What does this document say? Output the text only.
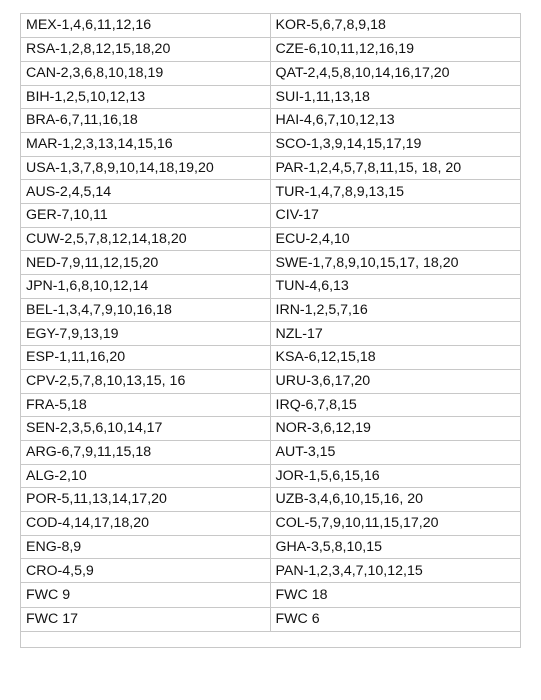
MEX-1,4,6,11,12,16	KOR-5,6,7,8,9,18
RSA-1,2,8,12,15,18,20	CZE-6,10,11,12,16,19
CAN-2,3,6,8,10,18,19	QAT-2,4,5,8,10,14,16,17,20
BIH-1,2,5,10,12,13	SUI-1,11,13,18
BRA-6,7,11,16,18	HAI-4,6,7,10,12,13
MAR-1,2,3,13,14,15,16	SCO-1,3,9,14,15,17,19
USA-1,3,7,8,9,10,14,18,19,20	PAR-1,2,4,5,7,8,11,15, 18, 20
AUS-2,4,5,14	TUR-1,4,7,8,9,13,15
GER-7,10,11	CIV-17
CUW-2,5,7,8,12,14,18,20	ECU-2,4,10
NED-7,9,11,12,15,20	SWE-1,7,8,9,10,15,17, 18,20
JPN-1,6,8,10,12,14	TUN-4,6,13
BEL-1,3,4,7,9,10,16,18	IRN-1,2,5,7,16
EGY-7,9,13,19	NZL-17
ESP-1,11,16,20	KSA-6,12,15,18
CPV-2,5,7,8,10,13,15, 16	URU-3,6,17,20
FRA-5,18	IRQ-6,7,8,15
SEN-2,3,5,6,10,14,17	NOR-3,6,12,19
ARG-6,7,9,11,15,18	AUT-3,15
ALG-2,10	JOR-1,5,6,15,16
POR-5,11,13,14,17,20	UZB-3,4,6,10,15,16, 20
COD-4,14,17,18,20	COL-5,7,9,10,11,15,17,20
ENG-8,9	GHA-3,5,8,10,15
CRO-4,5,9	PAN-1,2,3,4,7,10,12,15
FWC 9	FWC 18
FWC 17	FWC 6
